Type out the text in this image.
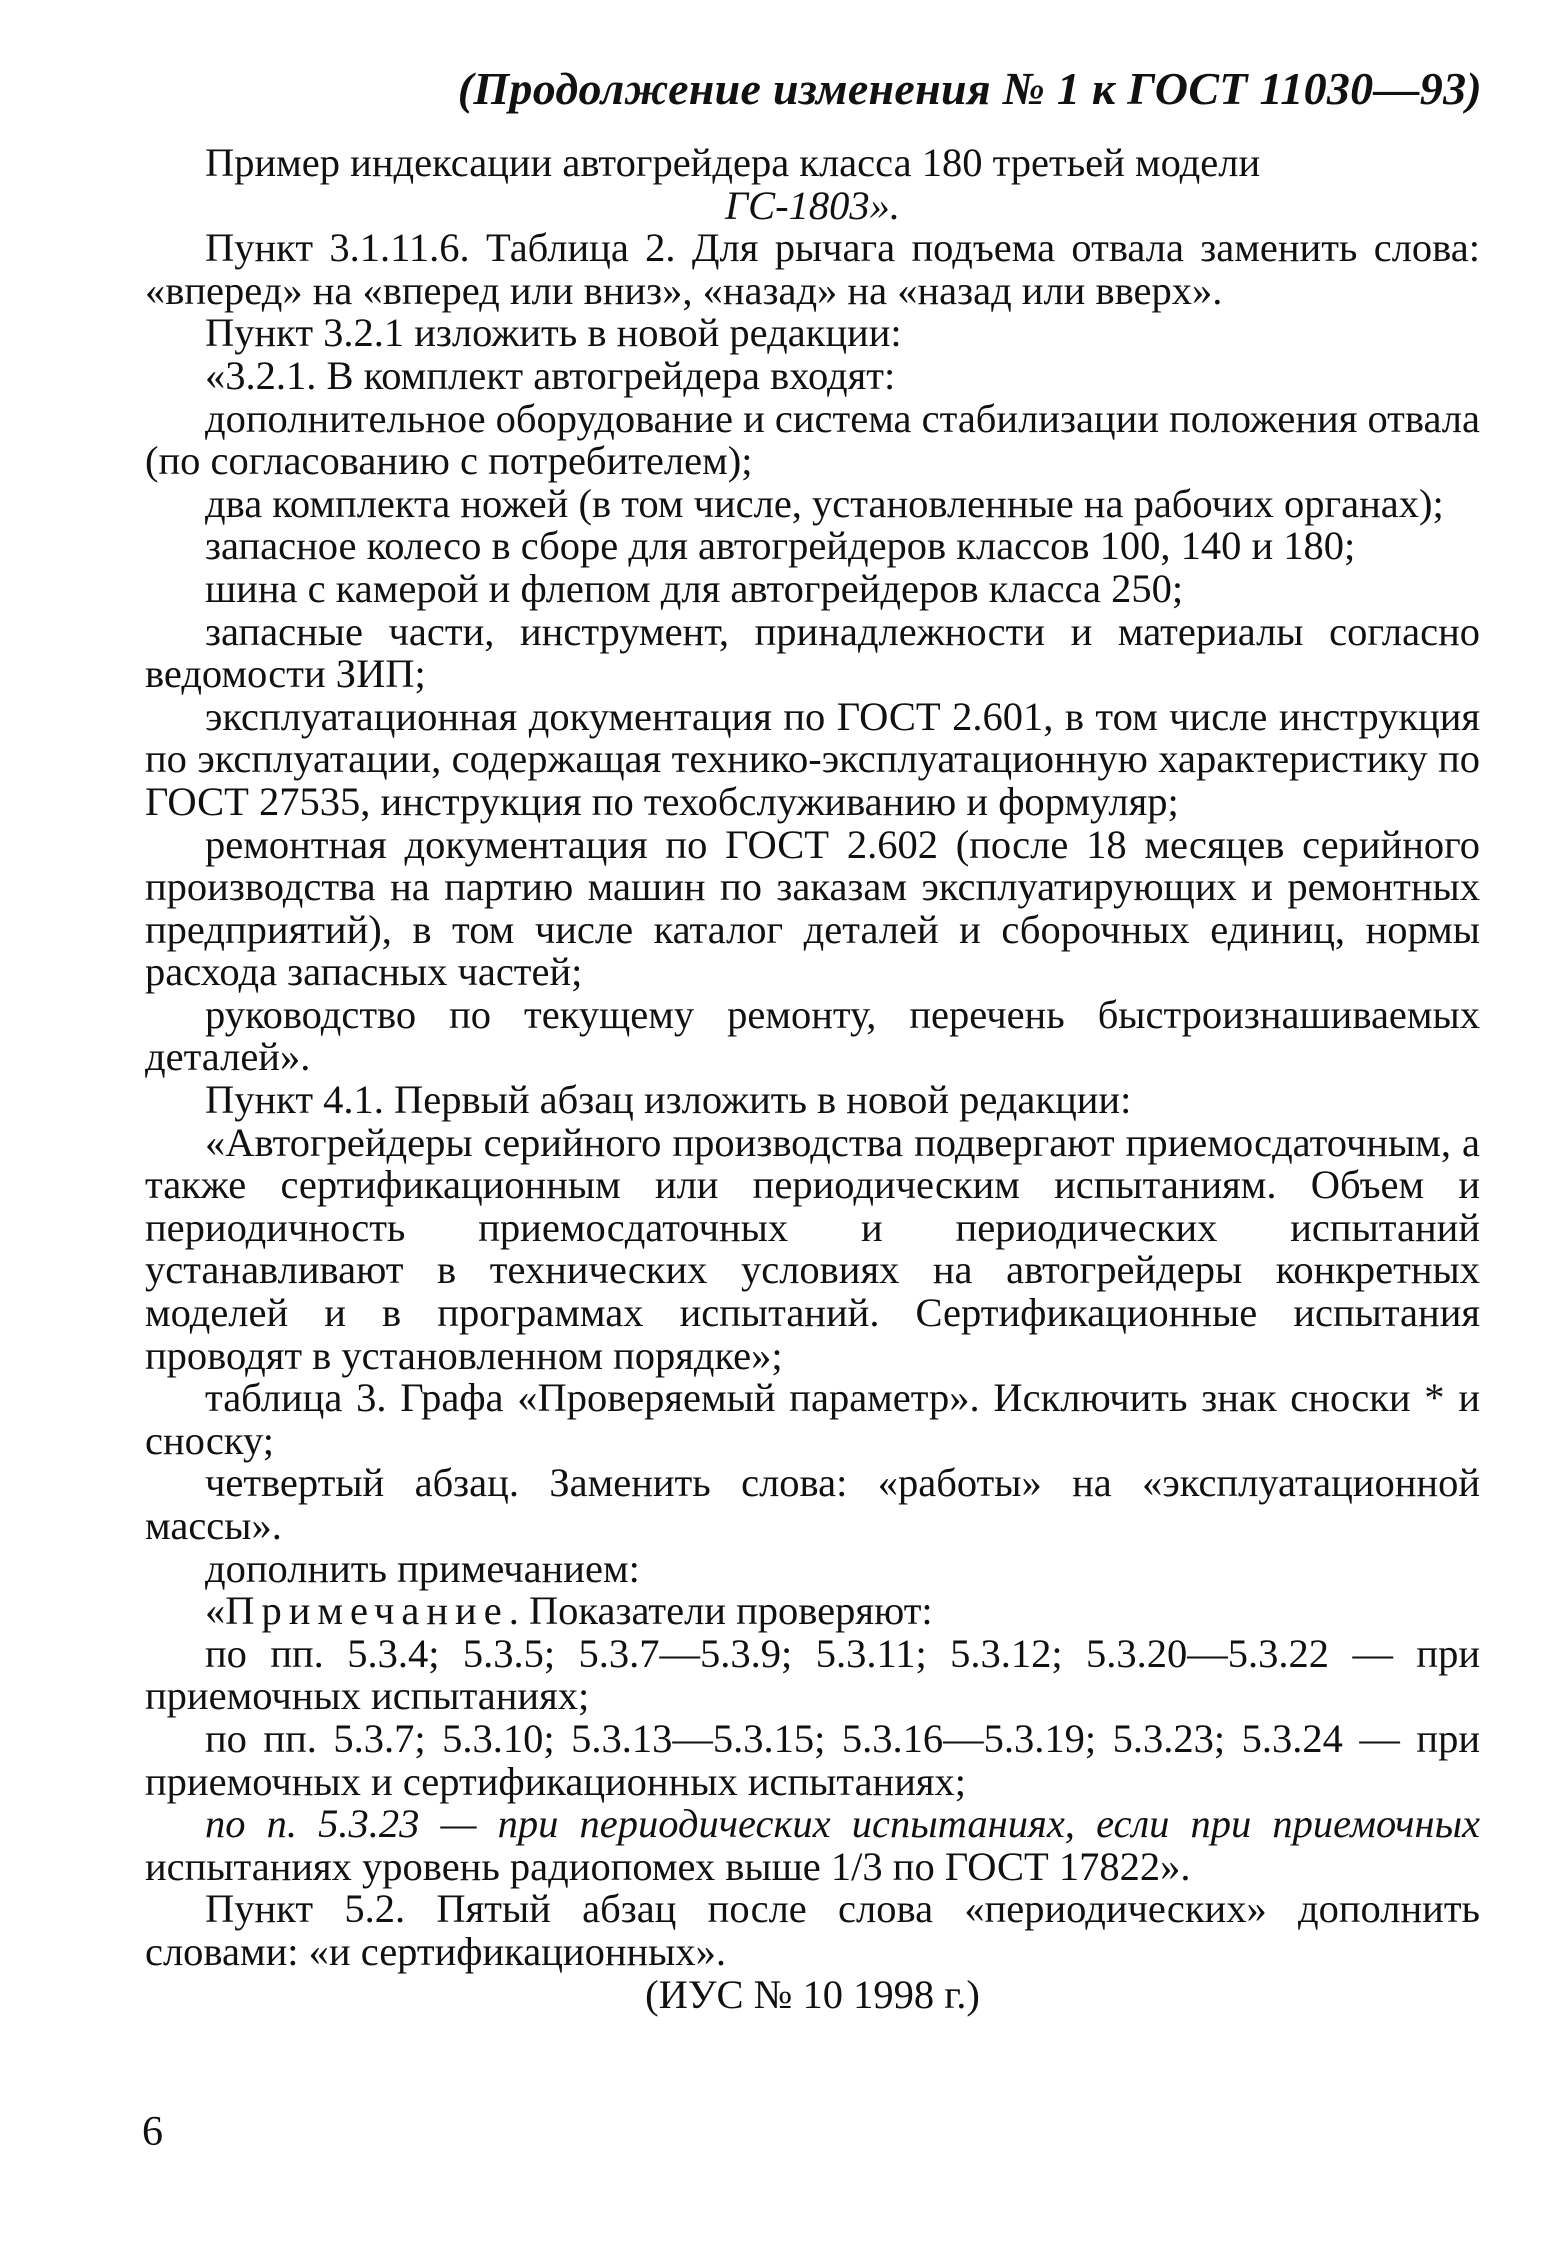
(Продолжение изменения № 1 к ГОСТ 11030—93)

Пример индексации автогрейдера класса 180 третьей модели

ГС-1803».

Пункт 3.1.11.6. Таблица 2. Для рычага подъема отвала заменить слова: «вперед» на «вперед или вниз», «назад» на «назад или вверх».

Пункт 3.2.1 изложить в новой редакции:

«3.2.1. В комплект автогрейдера входят:

дополнительное оборудование и система стабилизации положения отвала (по согласованию с потребителем);

два комплекта ножей (в том числе, установленные на рабочих органах);

запасное колесо в сборе для автогрейдеров классов 100, 140 и 180;

шина с камерой и флепом для автогрейдеров класса 250;

запасные части, инструмент, принадлежности и материалы согласно ведомости ЗИП;

эксплуатационная документация по ГОСТ 2.601, в том числе инструкция по эксплуатации, содержащая технико-эксплуатационную характеристику по ГОСТ 27535, инструкция по техобслуживанию и формуляр;

ремонтная документация по ГОСТ 2.602 (после 18 месяцев серийного производства на партию машин по заказам эксплуатирующих и ремонтных предприятий), в том числе каталог деталей и сборочных единиц, нормы расхода запасных частей;

руководство по текущему ремонту, перечень быстроизнашиваемых деталей».

Пункт 4.1. Первый абзац изложить в новой редакции:

«Автогрейдеры серийного производства подвергают приемосдаточным, а также сертификационным или периодическим испытаниям. Объем и периодичность приемосдаточных и периодических испытаний устанавливают в технических условиях на автогрейдеры конкретных моделей и в программах испытаний. Сертификационные испытания проводят в установленном порядке»;

таблица 3. Графа «Проверяемый параметр». Исключить знак сноски * и сноску;

четвертый абзац. Заменить слова: «работы» на «эксплуатационной массы».

дополнить примечанием:

«Примечание. Показатели проверяют:

по пп. 5.3.4; 5.3.5; 5.3.7—5.3.9; 5.3.11; 5.3.12; 5.3.20—5.3.22 — при приемочных испытаниях;

по пп. 5.3.7; 5.3.10; 5.3.13—5.3.15; 5.3.16—5.3.19; 5.3.23; 5.3.24 — при приемочных и сертификационных испытаниях;

по п. 5.3.23 — при периодических испытаниях, если при приемочных испытаниях уровень радиопомех выше 1/3 по ГОСТ 17822».

Пункт 5.2. Пятый абзац после слова «периодических» дополнить словами: «и сертификационных».

(ИУС № 10 1998 г.)

6
